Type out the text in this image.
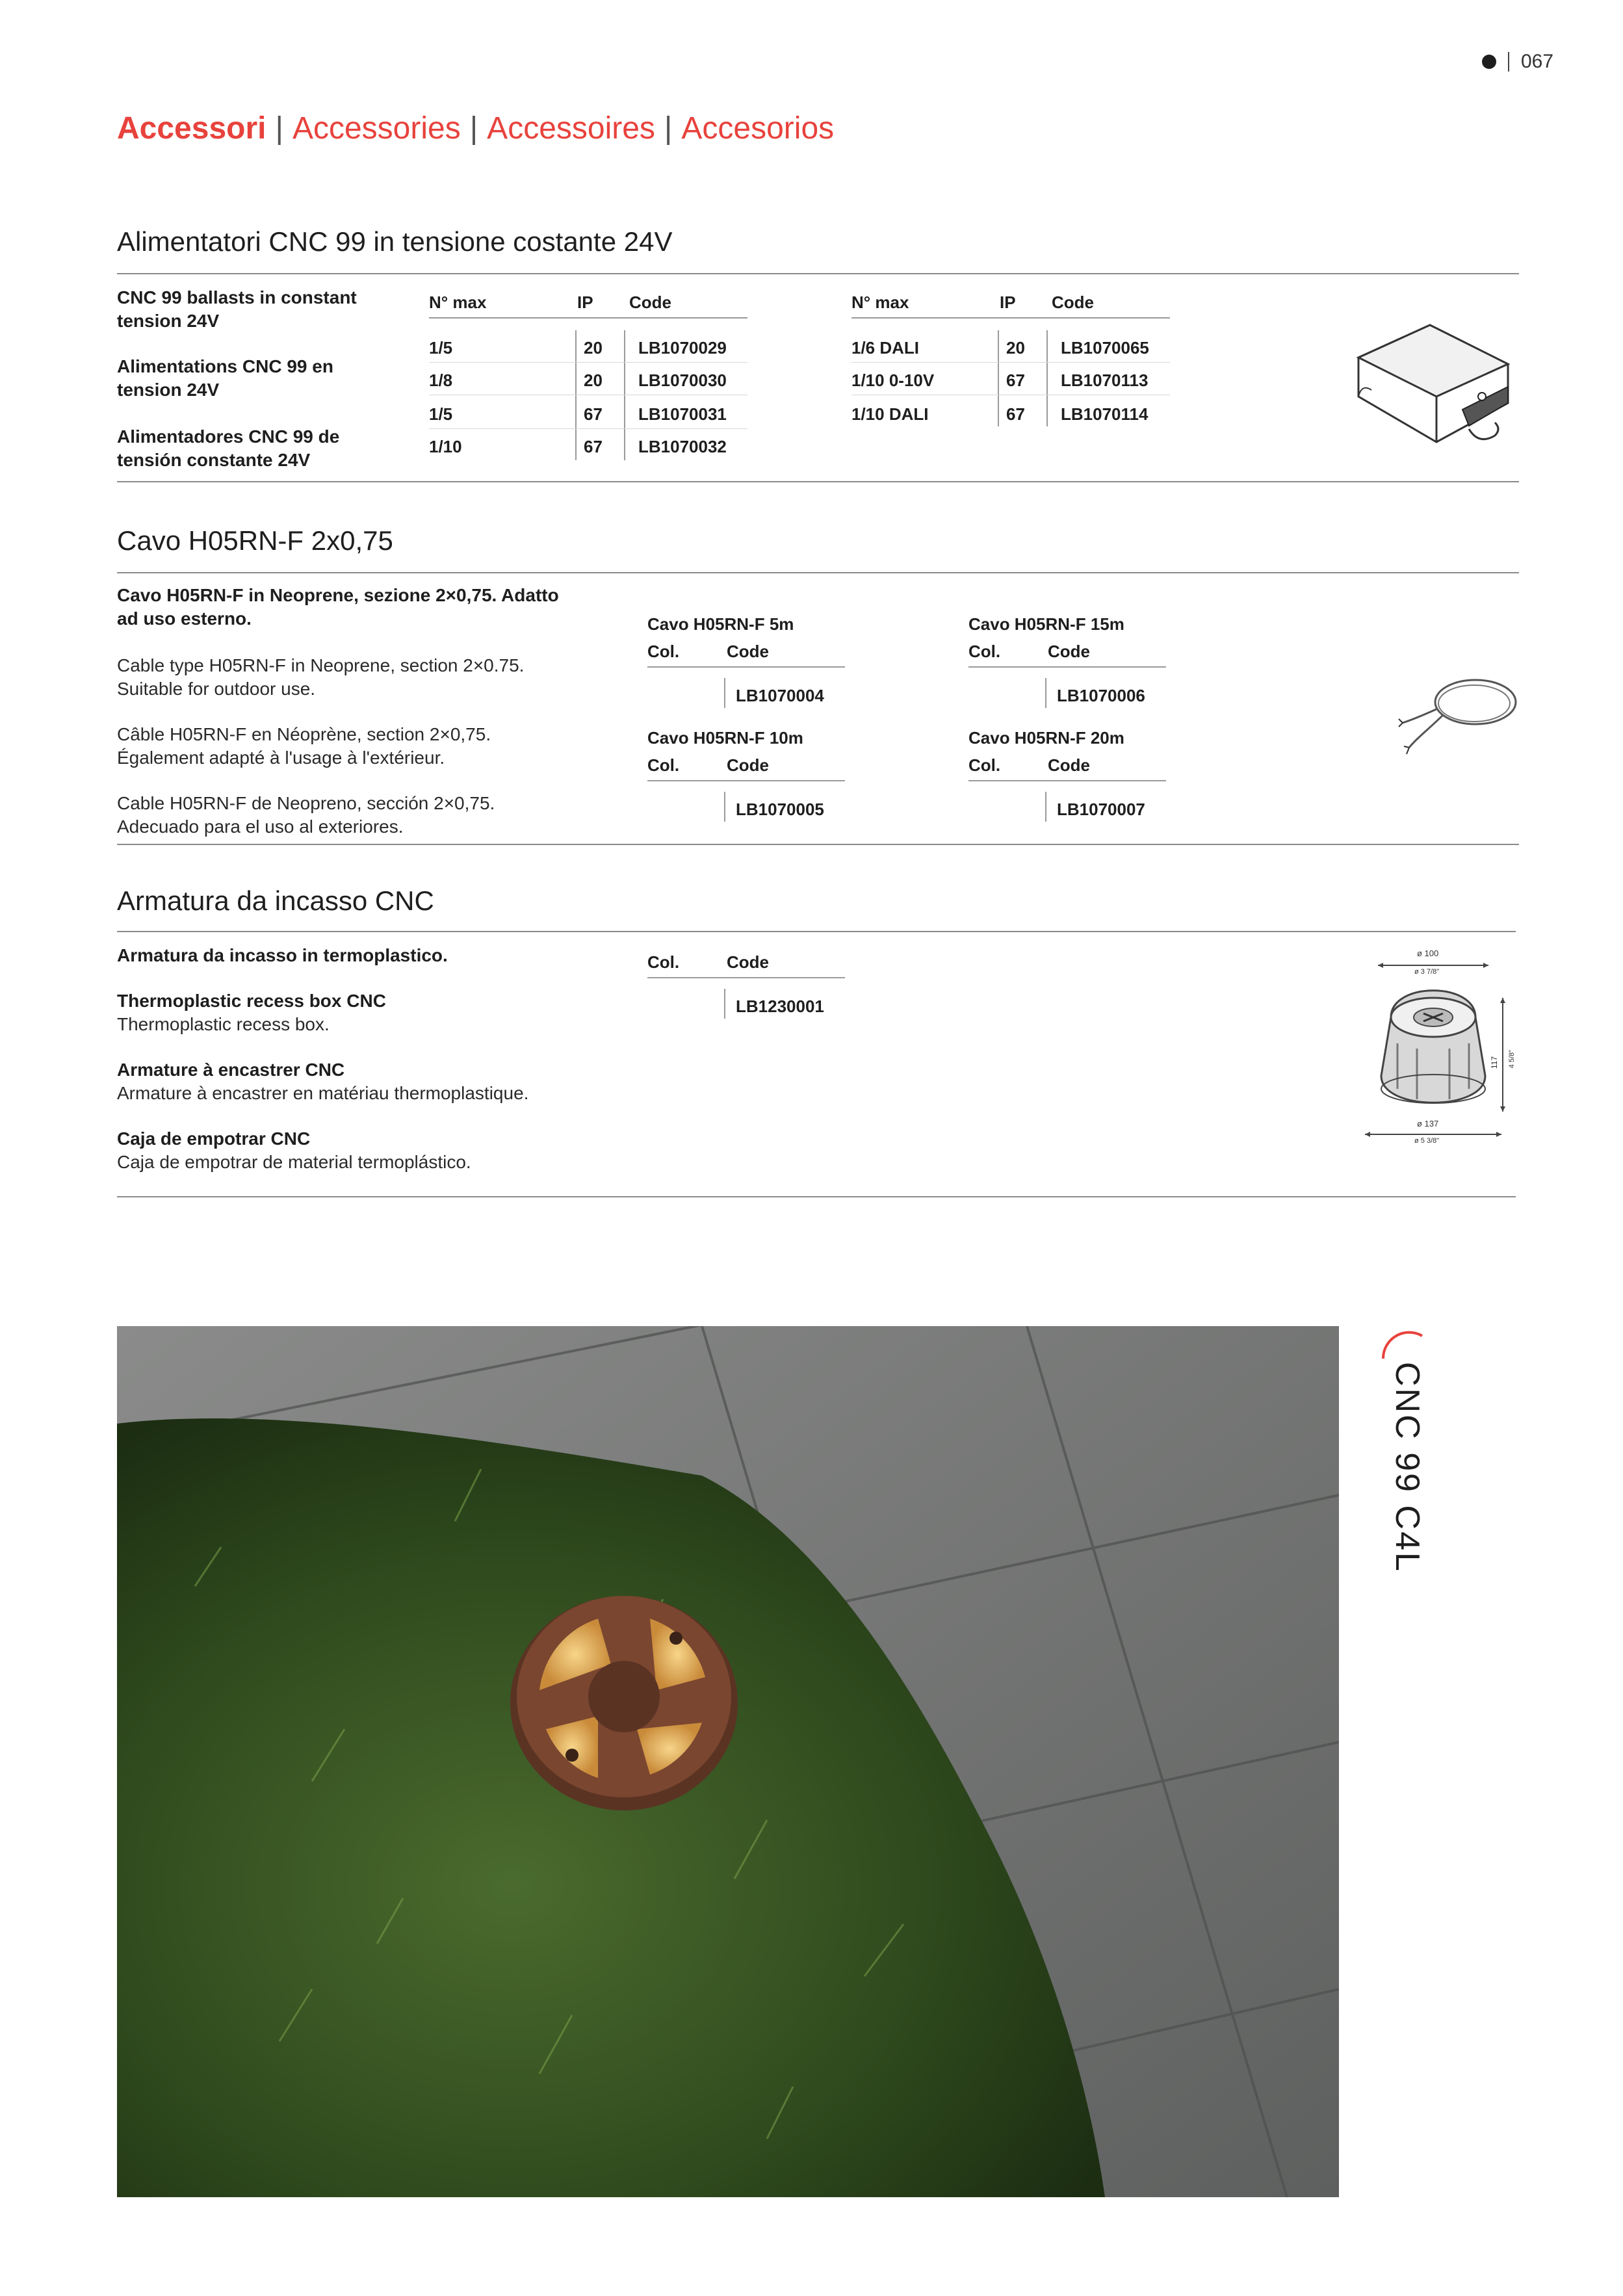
067
Accessori | Accessories | Accessoires | Accesorios
Alimentatori CNC 99 in tensione costante 24V
CNC 99 ballasts in constant tension 24V
Alimentations CNC 99 en tension 24V
Alimentadores CNC 99 de tensión constante 24V
N° max	IP Code
1/5	20 LB1070029
1/8	20 LB1070030
1/5	67 LB1070031
1/10	67 LB1070032
N° max	IP Code
1/6 DALI	20 LB1070065
1/10 0-10V	67 LB1070113
1/10 DALI	67 LB1070114
Cavo H05RN-F 2x0,75
Cavo H05RN-F in Neoprene, sezione 2×0,75. Adatto ad uso esterno.
Cable type H05RN-F in Neoprene, section 2×0.75. Suitable for outdoor use.
Câble H05RN-F en Néoprène, section 2×0,75. Également adapté à l'usage à l'extérieur.
Cable H05RN-F de Neopreno, sección 2×0,75. Adecuado para el uso al exteriores.
Cavo H05RN-F 5m
Col.	Code
LB1070004
Cavo H05RN-F 15m
Col.	Code
LB1070006
Cavo H05RN-F 10m
Col.	Code
LB1070005
Cavo H05RN-F 20m
Col.	Code
LB1070007
Armatura da incasso CNC
Armatura da incasso in termoplastico.
Thermoplastic recess box CNC
Thermoplastic recess box.
Armature à encastrer CNC
Armature à encastrer en matériau thermoplastique.
Caja de empotrar CNC
Caja de empotrar de material termoplástico.
Col.	Code
LB1230001
ø 100
ø 3 7/8"
ø 137
ø 5 3/8"
117 4 5/8"
CNC 99 C4L
